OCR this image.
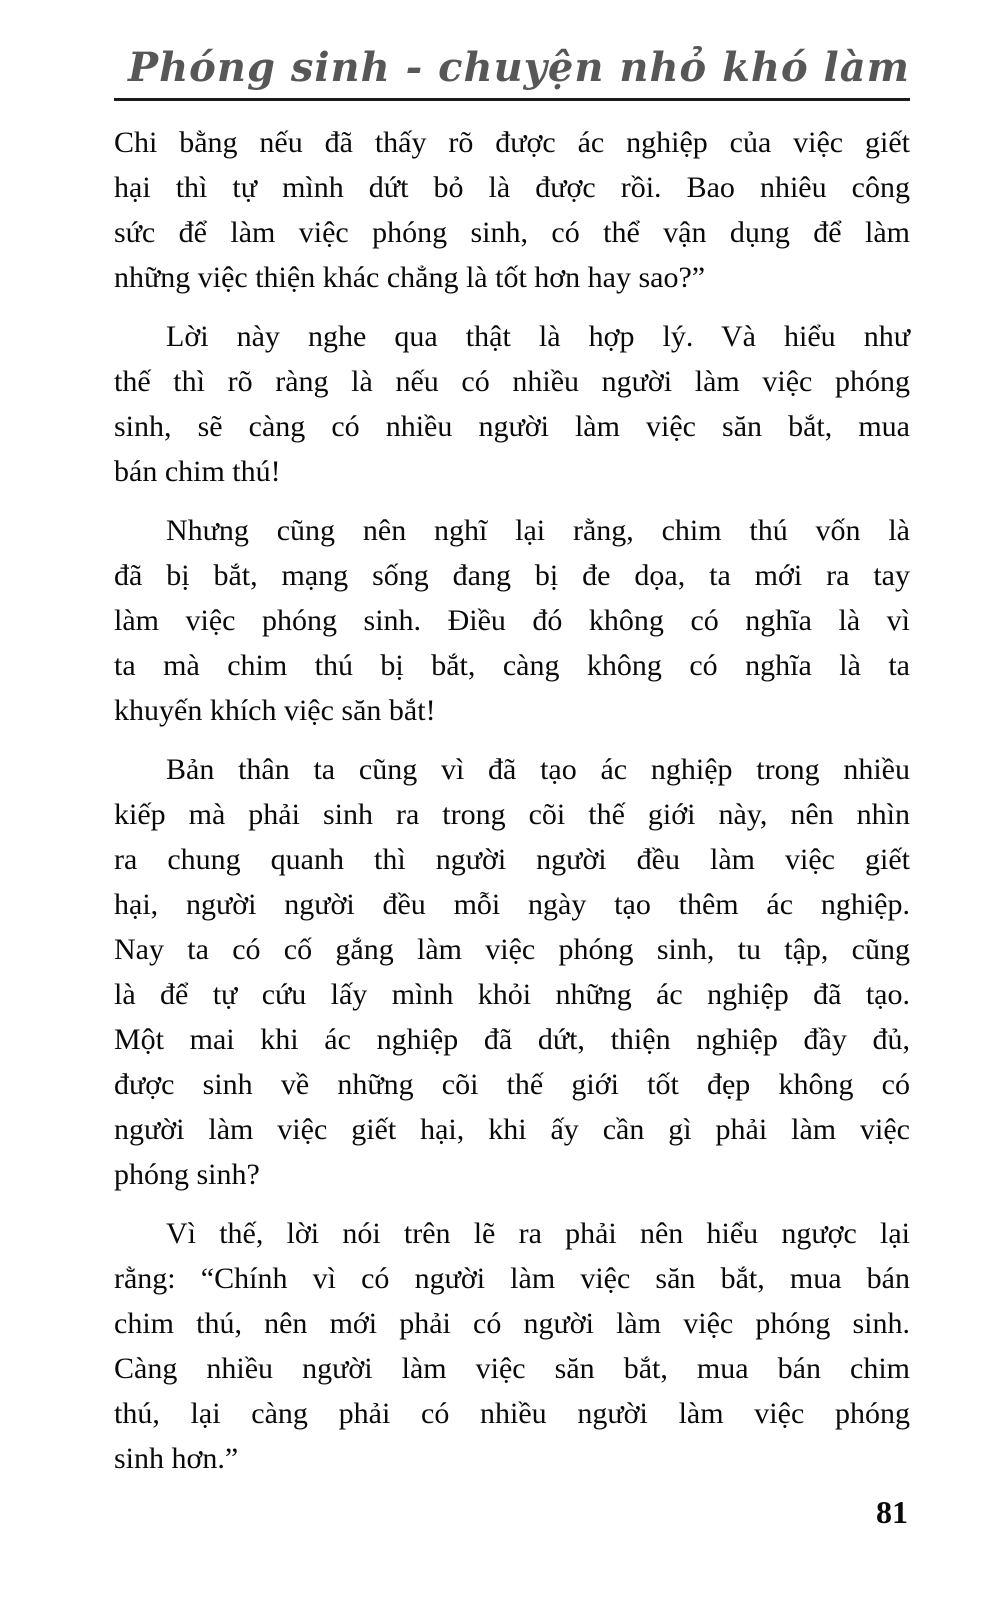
Phóng sinh - chuyện nhỏ khó làm
Chi bằng nếu đã thấy rõ được ác nghiệp của việc giết
hại thì tự mình dứt bỏ là được rồi. Bao nhiêu công
sức để làm việc phóng sinh, có thể vận dụng để làm
những việc thiện khác chẳng là tốt hơn hay sao?”
Lời này nghe qua thật là hợp lý. Và hiểu như
thế thì rõ ràng là nếu có nhiều người làm việc phóng
sinh, sẽ càng có nhiều người làm việc săn bắt, mua
bán chim thú!
Nhưng cũng nên nghĩ lại rằng, chim thú vốn là
đã bị bắt, mạng sống đang bị đe dọa, ta mới ra tay
làm việc phóng sinh. Điều đó không có nghĩa là vì
ta mà chim thú bị bắt, càng không có nghĩa là ta
khuyến khích việc săn bắt!
Bản thân ta cũng vì đã tạo ác nghiệp trong nhiều
kiếp mà phải sinh ra trong cõi thế giới này, nên nhìn
ra chung quanh thì người người đều làm việc giết
hại, người người đều mỗi ngày tạo thêm ác nghiệp.
Nay ta có cố gắng làm việc phóng sinh, tu tập, cũng
là để tự cứu lấy mình khỏi những ác nghiệp đã tạo.
Một mai khi ác nghiệp đã dứt, thiện nghiệp đầy đủ,
được sinh về những cõi thế giới tốt đẹp không có
người làm việc giết hại, khi ấy cần gì phải làm việc
phóng sinh?
Vì thế, lời nói trên lẽ ra phải nên hiểu ngược lại
rằng: “Chính vì có người làm việc săn bắt, mua bán
chim thú, nên mới phải có người làm việc phóng sinh.
Càng nhiều người làm việc săn bắt, mua bán chim
thú, lại càng phải có nhiều người làm việc phóng
sinh hơn.”
81
